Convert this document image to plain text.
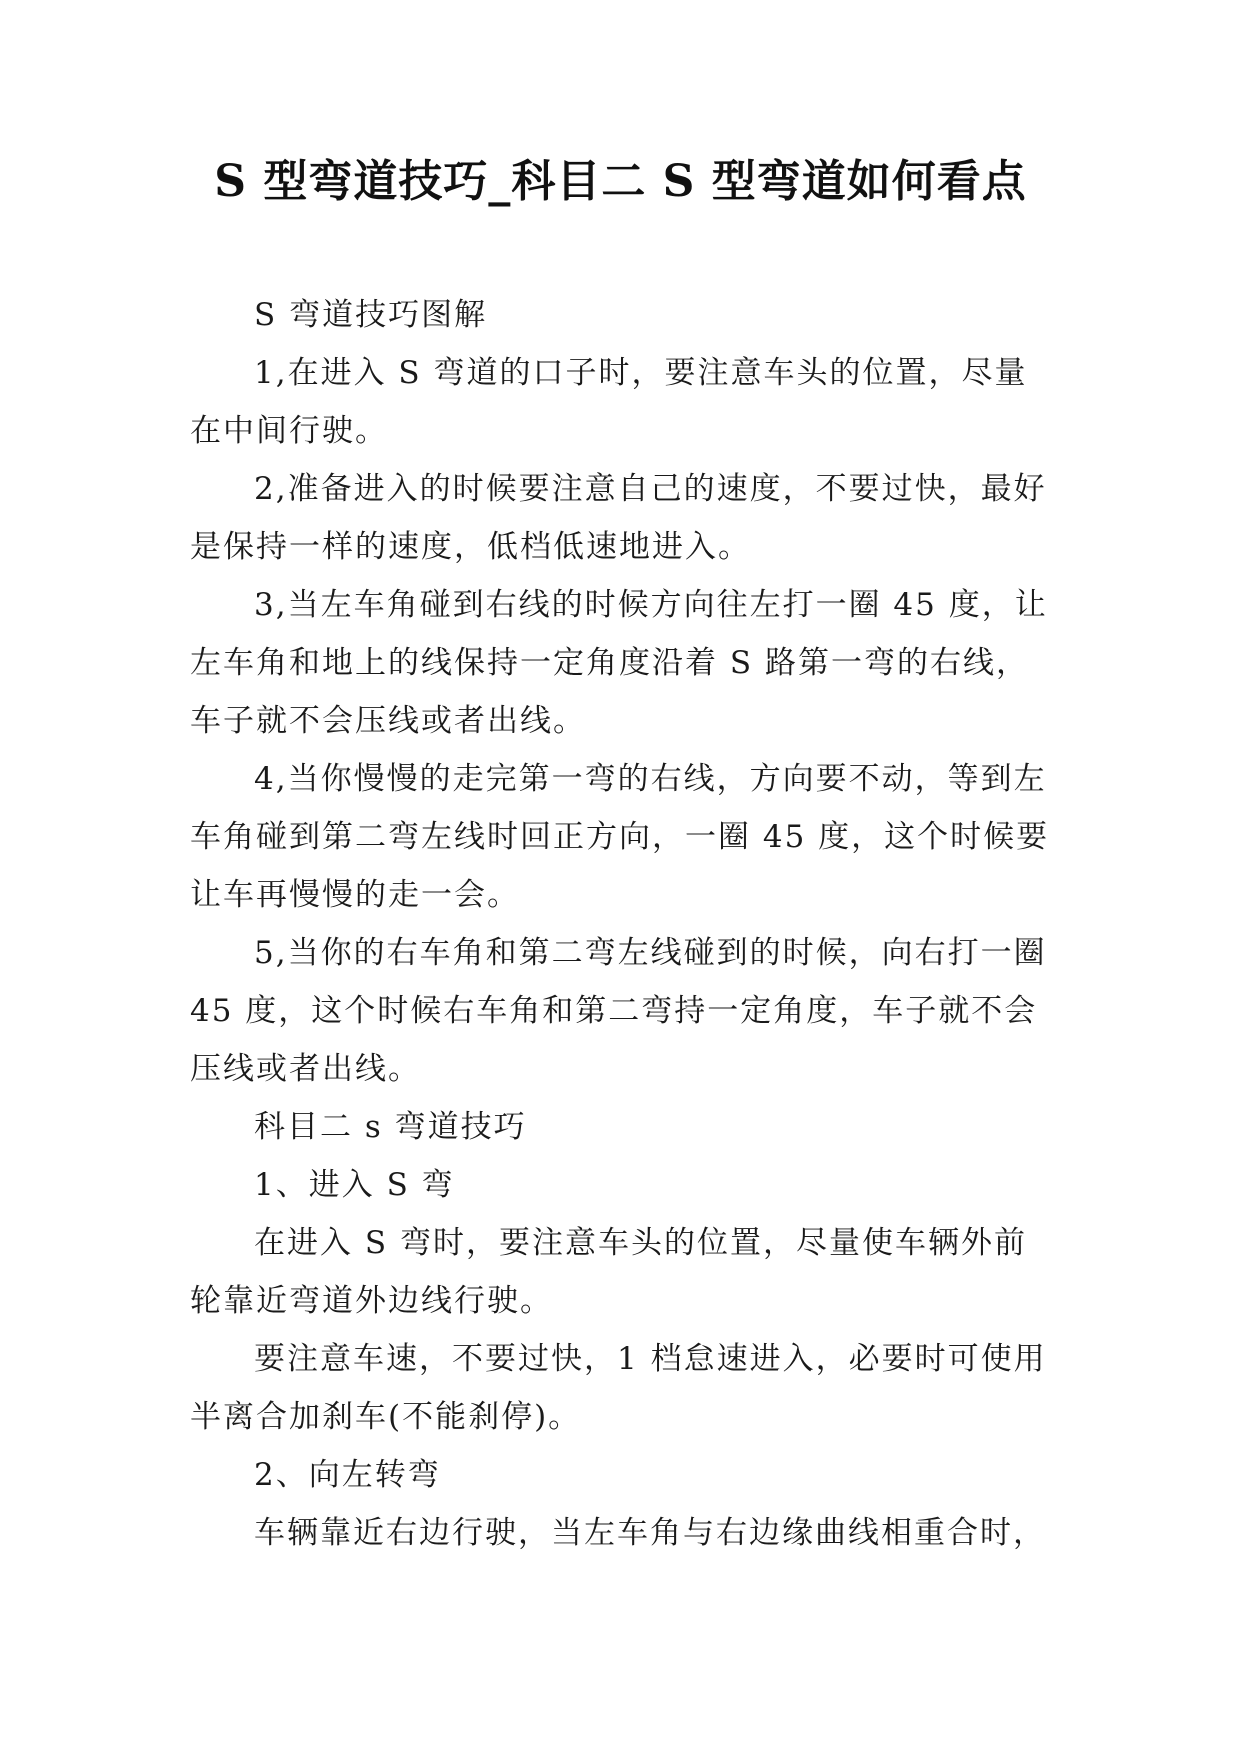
S 型弯道技巧_科目二 S 型弯道如何看点

S 弯道技巧图解

1,在进入 S 弯道的口子时，要注意车头的位置，尽量在中间行驶。

2,准备进入的时候要注意自己的速度，不要过快，最好是保持一样的速度，低档低速地进入。

3,当左车角碰到右线的时候方向往左打一圈 45 度，让左车角和地上的线保持一定角度沿着 S 路第一弯的右线，车子就不会压线或者出线。

4,当你慢慢的走完第一弯的右线，方向要不动，等到左车角碰到第二弯左线时回正方向，一圈 45 度，这个时候要让车再慢慢的走一会。

5,当你的右车角和第二弯左线碰到的时候，向右打一圈 45 度，这个时候右车角和第二弯持一定角度，车子就不会压线或者出线。

科目二 s 弯道技巧

1、进入 S 弯

在进入 S 弯时，要注意车头的位置，尽量使车辆外前轮靠近弯道外边线行驶。

要注意车速，不要过快，1 档怠速进入，必要时可使用半离合加刹车(不能刹停)。

2、向左转弯

车辆靠近右边行驶，当左车角与右边缘曲线相重合时，
